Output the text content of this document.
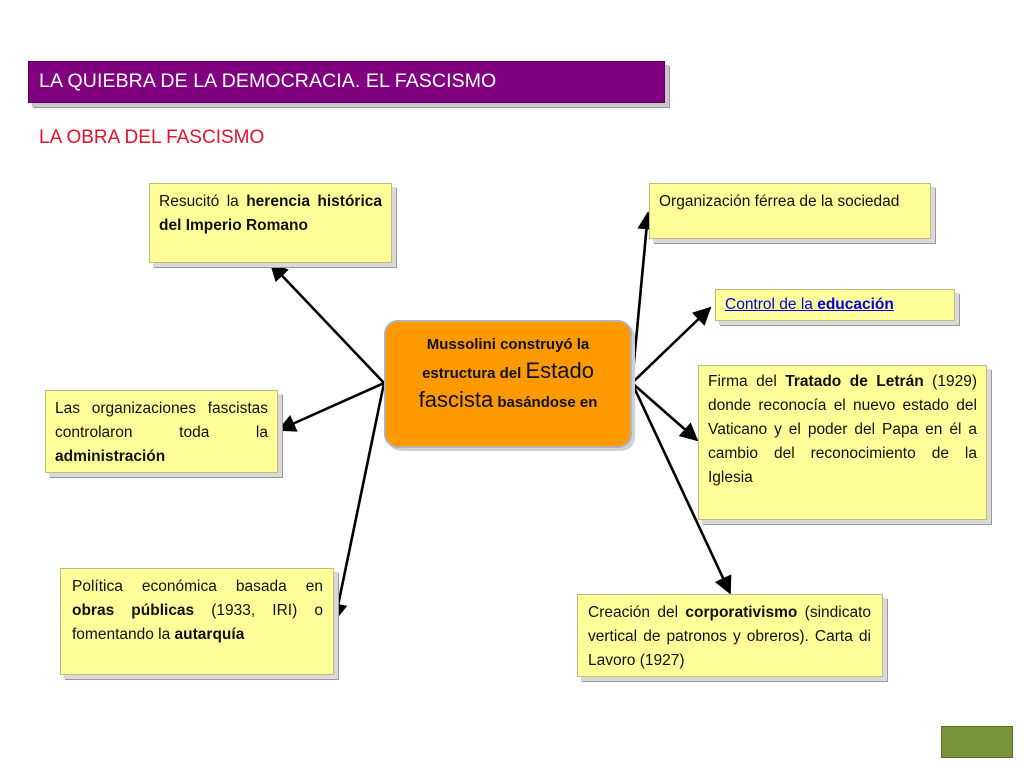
LA QUIEBRA DE LA DEMOCRACIA. EL FASCISMO
LA OBRA DEL FASCISMO
Mussolini construyó la
estructura del Estado
fascista basándose en
Resucitó la herencia histórica del Imperio Romano
Las organizaciones fascistas controlaron toda la administración
Política económica basada en obras públicas (1933, IRI) o fomentando la autarquía
Organización férrea de la sociedad
Control de la educación
Firma del Tratado de Letrán (1929) donde reconocía el nuevo estado del Vaticano y el poder del Papa en él a cambio del reconocimiento de la Iglesia
Creación del corporativismo (sindicato vertical de patronos y obreros). Carta di Lavoro (1927)
